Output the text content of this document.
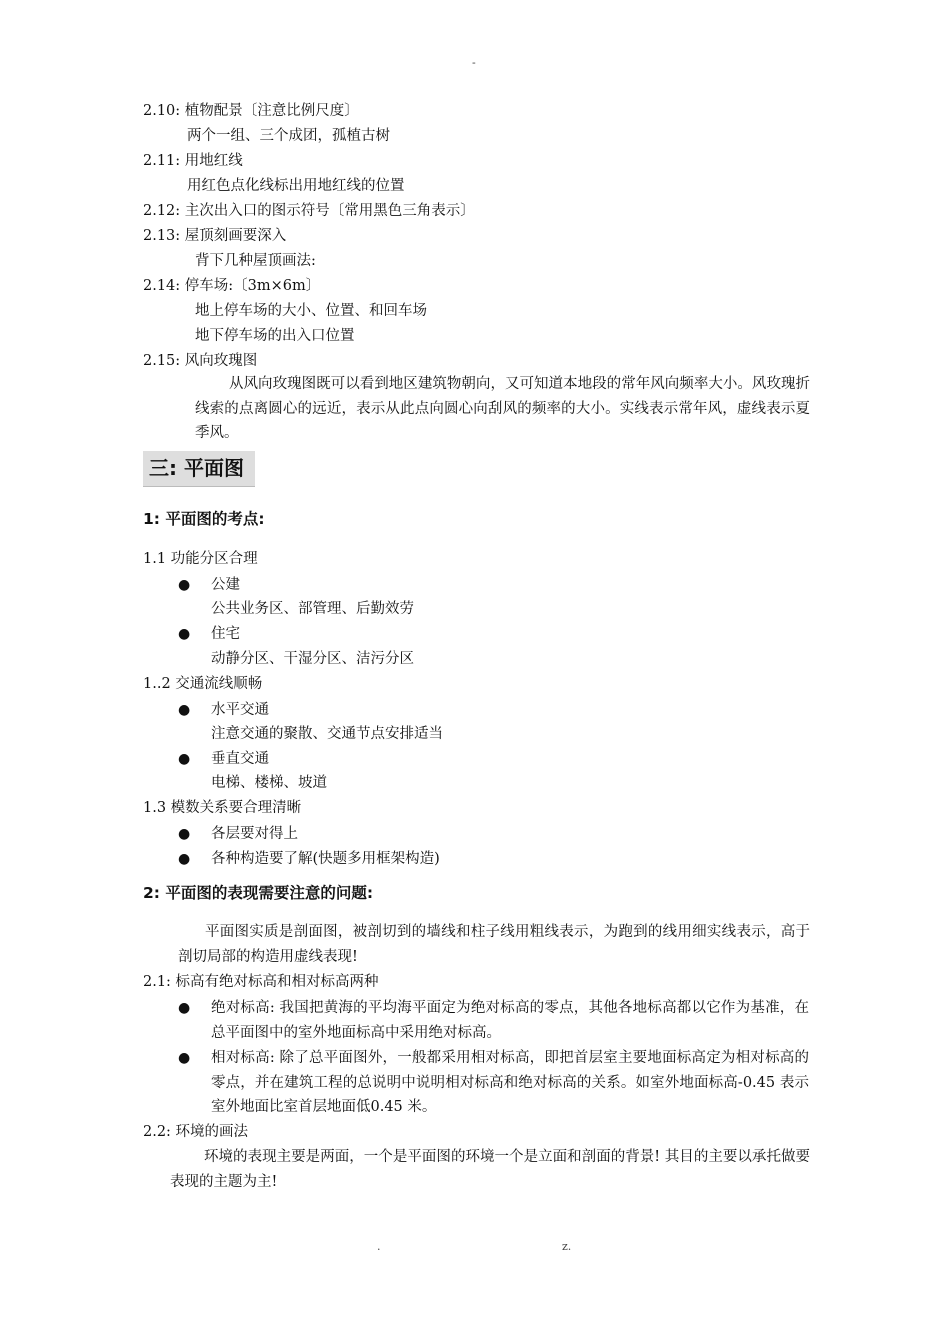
-
2.10: 植物配景〔注意比例尺度〕
两个一组、三个成团，孤植古树
2.11: 用地红线
用红色点化线标出用地红线的位置
2.12: 主次出入口的图示符号〔常用黑色三角表示〕
2.13: 屋顶刻画要深入
背下几种屋顶画法:
2.14: 停车场:〔3m×6m〕
地上停车场的大小、位置、和回车场
地下停车场的出入口位置
2.15: 风向玫瑰图
从风向玫瑰图既可以看到地区建筑物朝向，又可知道本地段的常年风向频率大小。风玫瑰折线索的点离圆心的远近，表示从此点向圆心向刮风的频率的大小。实线表示常年风，虚线表示夏季风。
三: 平面图
1: 平面图的考点:
1.1 功能分区合理
● 公建
公共业务区、部管理、后勤效劳
● 住宅
动静分区、干湿分区、洁污分区
1..2 交通流线顺畅
● 水平交通
注意交通的聚散、交通节点安排适当
● 垂直交通
电梯、楼梯、坡道
1.3 模数关系要合理清晰
● 各层要对得上
● 各种构造要了解(快题多用框架构造)
2: 平面图的表现需要注意的问题:
平面图实质是剖面图，被剖切到的墙线和柱子线用粗线表示，为跑到的线用细实线表示，高于剖切局部的构造用虚线表现!
2.1: 标高有绝对标高和相对标高两种
● 绝对标高: 我国把黄海的平均海平面定为绝对标高的零点，其他各地标高都以它作为基准，在总平面图中的室外地面标高中采用绝对标高。
● 相对标高: 除了总平面图外，一般都采用相对标高，即把首层室主要地面标高定为相对标高的零点，并在建筑工程的总说明中说明相对标高和绝对标高的关系。如室外地面标高-0.45 表示室外地面比室首层地面低0.45 米。
2.2: 环境的画法
环境的表现主要是两面，一个是平面图的环境一个是立面和剖面的背景! 其目的主要以承托做要表现的主题为主!
.	z.
